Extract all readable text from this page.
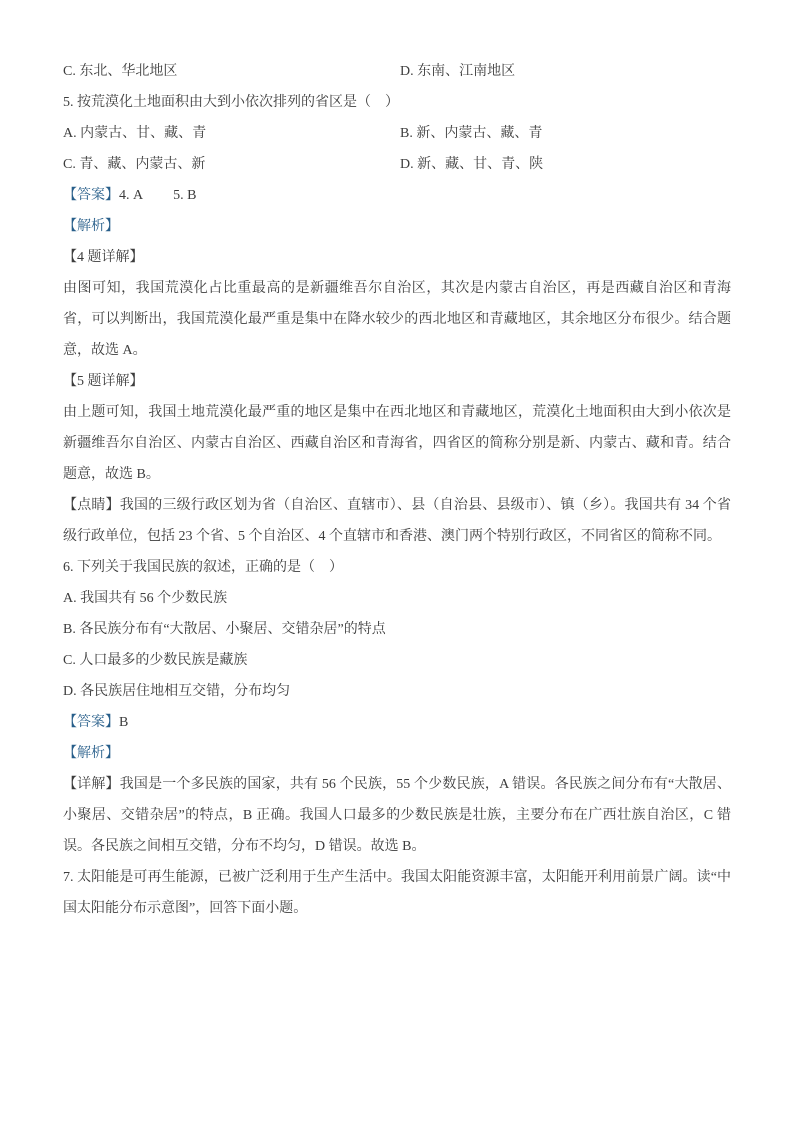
C. 东北、华北地区	D. 东南、江南地区
5. 按荒漠化土地面积由大到小依次排列的省区是（　）
A. 内蒙古、甘、藏、青	B. 新、内蒙古、藏、青
C. 青、藏、内蒙古、新	D. 新、藏、甘、青、陕
【答案】4. A 5. B
【解析】
【4 题详解】

由图可知，我国荒漠化占比重最高的是新疆维吾尔自治区，其次是内蒙古自治区，再是西藏自治区和青海省，可以判断出，我国荒漠化最严重是集中在降水较少的西北地区和青藏地区，其余地区分布很少。结合题意，故选 A。

【5 题详解】

由上题可知，我国土地荒漠化最严重的地区是集中在西北地区和青藏地区，荒漠化土地面积由大到小依次是新疆维吾尔自治区、内蒙古自治区、西藏自治区和青海省，四省区的简称分别是新、内蒙古、藏和青。结合题意，故选 B。

【点睛】我国的三级行政区划为省（自治区、直辖市）、县（自治县、县级市）、镇（乡）。我国共有 34 个省级行政单位，包括 23 个省、5 个自治区、4 个直辖市和香港、澳门两个特别行政区，不同省区的简称不同。

6. 下列关于我国民族的叙述，正确的是（　）
A. 我国共有 56 个少数民族
B. 各民族分布有“大散居、小聚居、交错杂居”的特点
C. 人口最多的少数民族是藏族
D. 各民族居住地相互交错，分布均匀
【答案】B
【解析】

【详解】我国是一个多民族的国家，共有 56 个民族，55 个少数民族，A 错误。各民族之间分布有“大散居、小聚居、交错杂居”的特点，B 正确。我国人口最多的少数民族是壮族，主要分布在广西壮族自治区，C 错误。各民族之间相互交错，分布不均匀，D 错误。故选 B。

7. 太阳能是可再生能源，已被广泛利用于生产生活中。我国太阳能资源丰富，太阳能开利用前景广阔。读“中国太阳能分布示意图”，回答下面小题。
